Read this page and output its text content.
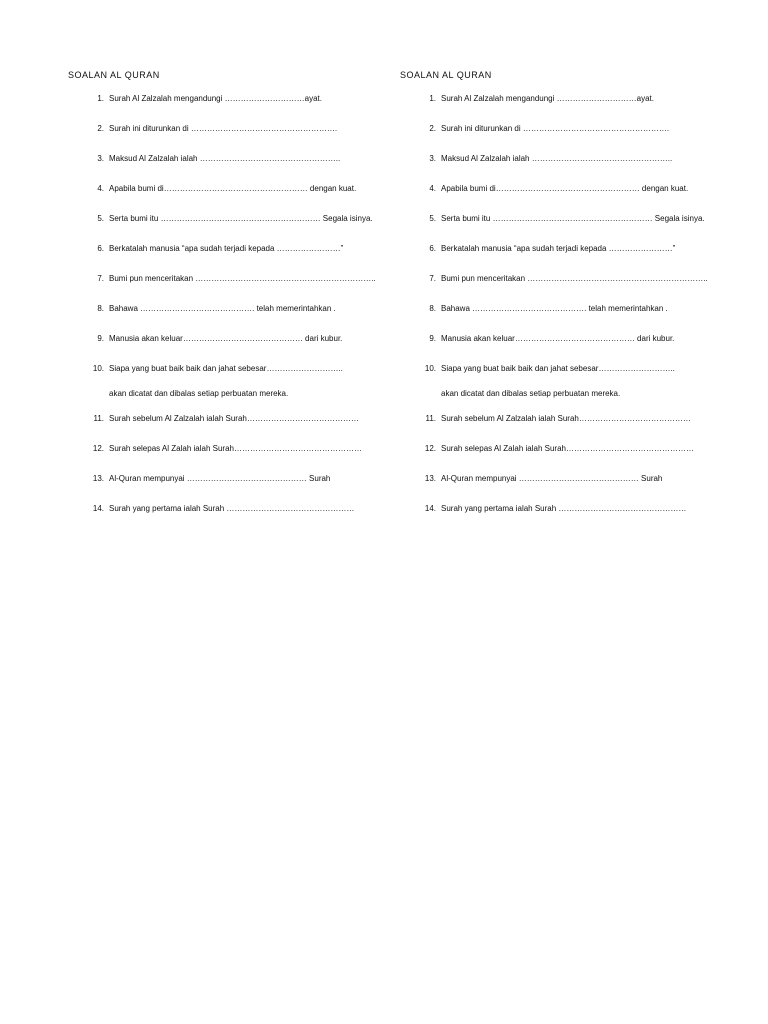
SOALAN AL QURAN
1. Surah Al Zalzalah mengandungi …………………………ayat.
2. Surah ini diturunkan di ……………………………………………….
3. Maksud Al Zalzalah ialah ……………………………………………..
4. Apabila bumi di……………………………………………… dengan kuat.
5. Serta bumi itu …………………………………………………… Segala isinya.
6. Berkatalah manusia “apa sudah terjadi kepada ……………………”
7. Bumi pun menceritakan …………………………………………………………..
8. Bahawa ……………………………………. telah memerintahkan .
9. Manusia akan keluar……………………………………… dari kubur.
10. Siapa yang buat baik baik dan jahat sebesar………………………..
akan dicatat dan dibalas setiap perbuatan mereka.
11. Surah sebelum Al Zalzalah ialah Surah……………………………………
12. Surah selepas Al Zalah ialah Surah…………………………………………
13. Al-Quran mempunyai ……………………………………… Surah
14. Surah yang pertama ialah Surah …………………………………………
SOALAN AL QURAN
1. Surah Al Zalzalah mengandungi …………………………ayat.
2. Surah ini diturunkan di ……………………………………………….
3. Maksud Al Zalzalah ialah ……………………………………………..
4. Apabila bumi di……………………………………………… dengan kuat.
5. Serta bumi itu …………………………………………………… Segala isinya.
6. Berkatalah manusia “apa sudah terjadi kepada ……………………”
7. Bumi pun menceritakan …………………………………………………………..
8. Bahawa ……………………………………. telah memerintahkan .
9. Manusia akan keluar……………………………………… dari kubur.
10. Siapa yang buat baik baik dan jahat sebesar………………………..
akan dicatat dan dibalas setiap perbuatan mereka.
11. Surah sebelum Al Zalzalah ialah Surah……………………………………
12. Surah selepas Al Zalah ialah Surah…………………………………………
13. Al-Quran mempunyai ……………………………………… Surah
14. Surah yang pertama ialah Surah …………………………………………
